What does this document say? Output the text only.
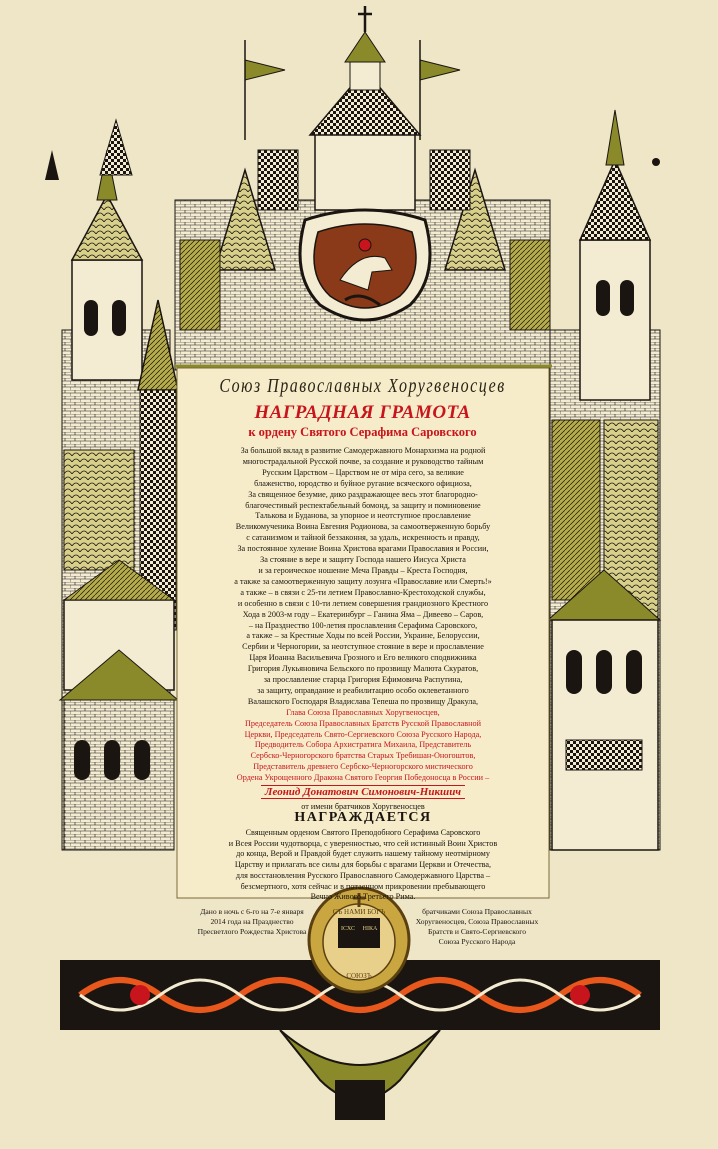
СЪ НАМИ БОГЪ
ІСХС НІКА
СОЮЗЪ
Союз Православных Хоругвеносцев
НАГРАДНАЯ ГРАМОТА
к ордену Святого Серафима Саровского
За большой вклад в развитие Самодержавного Монархизма на родной
многострадальной Русской почве, за создание и руководство тайным
Русским Царством – Царством не от мiра сего, за великие
блаженство, юродство и буйное ругание всяческого официоза,
За священное безумие, дико раздражающее весь этот благородно-
благочестивый респектабельный бомонд, за защиту и поминовение
Талькова и Буданова, за упорное и неотступное прославление
Великомученика Воина Евгения Родионова, за самоотверженную борьбу
с сатанизмом и тайной беззаконня, за удаль, искренность и правду,
За постоянное хуление Воина Христова врагами Православия и России,
За стояние в вере и защиту Господа нашего Иисуса Христа
и за героическое ношение Меча Правды – Креста Господня,
а также за самоотверженную защиту лозунга «Православие или Смерть!»
а также – в связи с 25-ти летием Православно-Крестоходской службы,
и особенно в связи с 10-ти летием совершения грандиозного Крестного
Хода в 2003-м году – Екатеринбург – Ганина Яма – Дивеево – Саров,
– на Празднество 100-летия прославления Серафима Саровского,
а также – за Крестные Ходы по всей России, Украине, Белоруссии,
Сербии и Черногории, за неотступное стояние в вере и прославление
Царя Иоанна Васильевича Грозного и Его великого сподвижника
Григория Лукьяновича Бельского по прозвищу Малюта Скуратов,
за прославление старца Григория Ефимовича Распутина,
за защиту, оправдание и реабилитацию особо оклеветанного
Валашского Господаря Владислава Тепеша по прозвищу Дракула,
Глава Союза Православных Хоругвеносцев,
Председатель Союза Православных Братств Русской Православной
Церкви, Председатель Свято-Сергиевского Союза Русского Народа,
Предводитель Собора Архистратига Михаила, Представитель
Сербско-Черногорского братства Старых Требишан-Оногоштов,
Представитель древнего Сербско-Черногорского мистического
Ордена Укрощенного Дракона Святого Георгия Победоносца в России –
Леонид Донатович Симонович-Никшич
от имени братчиков Хоругвеносцев
НАГРАЖДАЕТСЯ
Священным орденом Святого Преподобного Серафима Саровского
и Всея России чудотворца, с уверенностью, что сей истинный Воин Христов
до конца, Верой и Правдой будет служить нашему тайному неотмiрному
Царству и прилагать все силы для борьбы с врагами Церкви и Отечества,
для восстановления Русского Православного Самодержавного Царства –
безсмертного, хотя сейчас и в потаенном прикровении пребывающего
Вечно Живого Третьего Рима.
Дано в ночь с 6-го на 7-е января
2014 года на Празднество
Пресветлого Рождества Христова
братчиками Союза Православных
Хоругвеносцев, Союза Православных
Братств и Свято-Сергиевского
Союза Русского Народа
